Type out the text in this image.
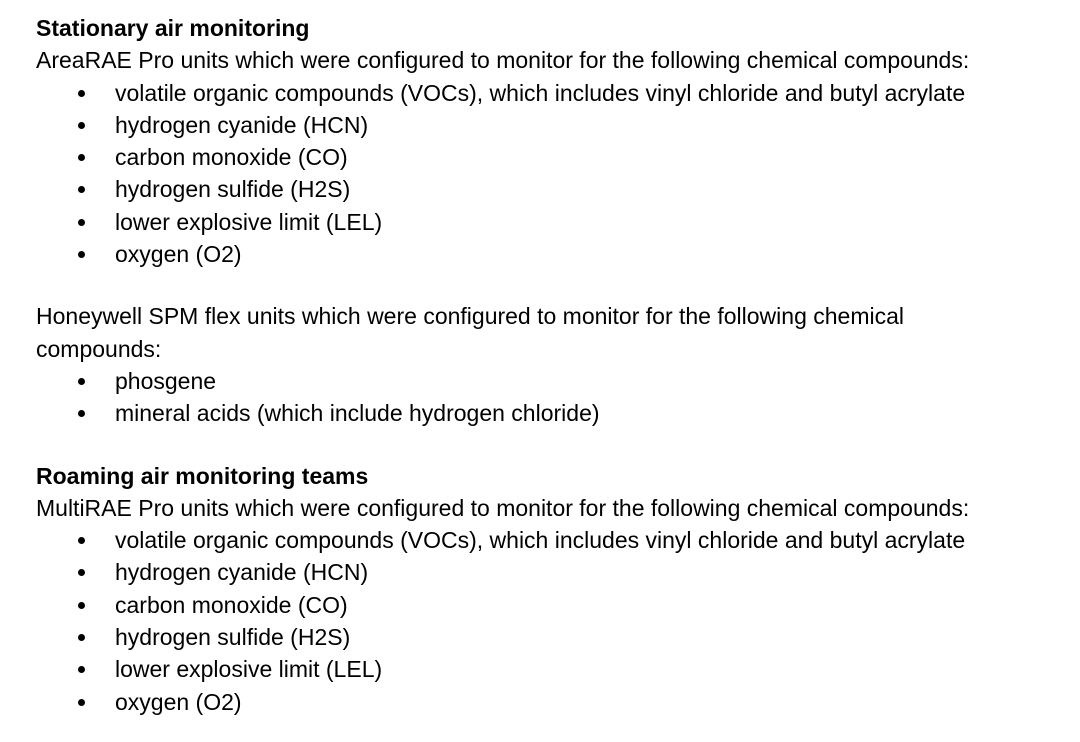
Stationary air monitoring

AreaRAE Pro units which were configured to monitor for the following chemical compounds:

volatile organic compounds (VOCs), which includes vinyl chloride and butyl acrylate
hydrogen cyanide (HCN)
carbon monoxide (CO)
hydrogen sulfide (H2S)
lower explosive limit (LEL)
oxygen (O2)

Honeywell SPM flex units which were configured to monitor for the following chemical compounds:

phosgene
mineral acids (which include hydrogen chloride)

Roaming air monitoring teams

MultiRAE Pro units which were configured to monitor for the following chemical compounds:

volatile organic compounds (VOCs), which includes vinyl chloride and butyl acrylate
hydrogen cyanide (HCN)
carbon monoxide (CO)
hydrogen sulfide (H2S)
lower explosive limit (LEL)
oxygen (O2)
